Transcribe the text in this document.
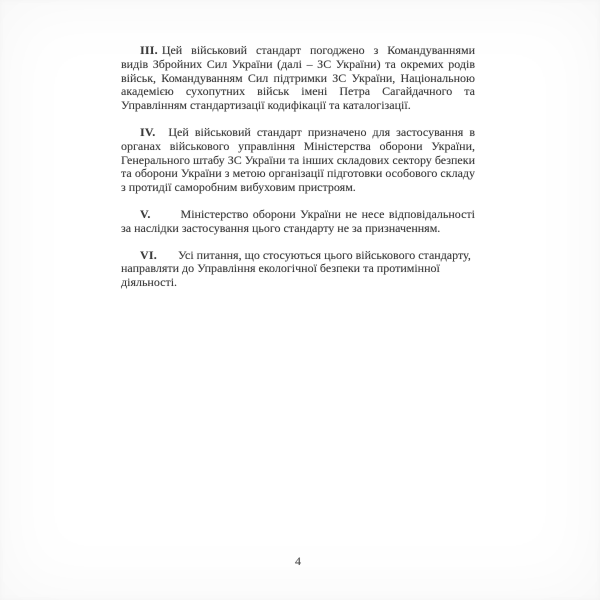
III. Цей військовий стандарт погоджено з Командуваннями видів Збройних Сил України (далі – ЗС України) та окремих родів військ, Командуванням Сил підтримки ЗС України, Національною академією сухопутних військ імені Петра Сагайдачного та Управлінням стандартизації кодифікації та каталогізації.

IV. Цей військовий стандарт призначено для застосування в органах військового управління Міністерства оборони України, Генерального штабу ЗС України та інших складових сектору безпеки та оборони України з метою організації підготовки особового складу з протидії саморобним вибуховим пристроям.

V.	Міністерство оборони України не несе відповідальності за наслідки застосування цього стандарту не за призначенням.

VI. Усі питання, що стосуються цього військового стандарту, направляти до Управління екологічної безпеки та протимінної діяльності.

4
